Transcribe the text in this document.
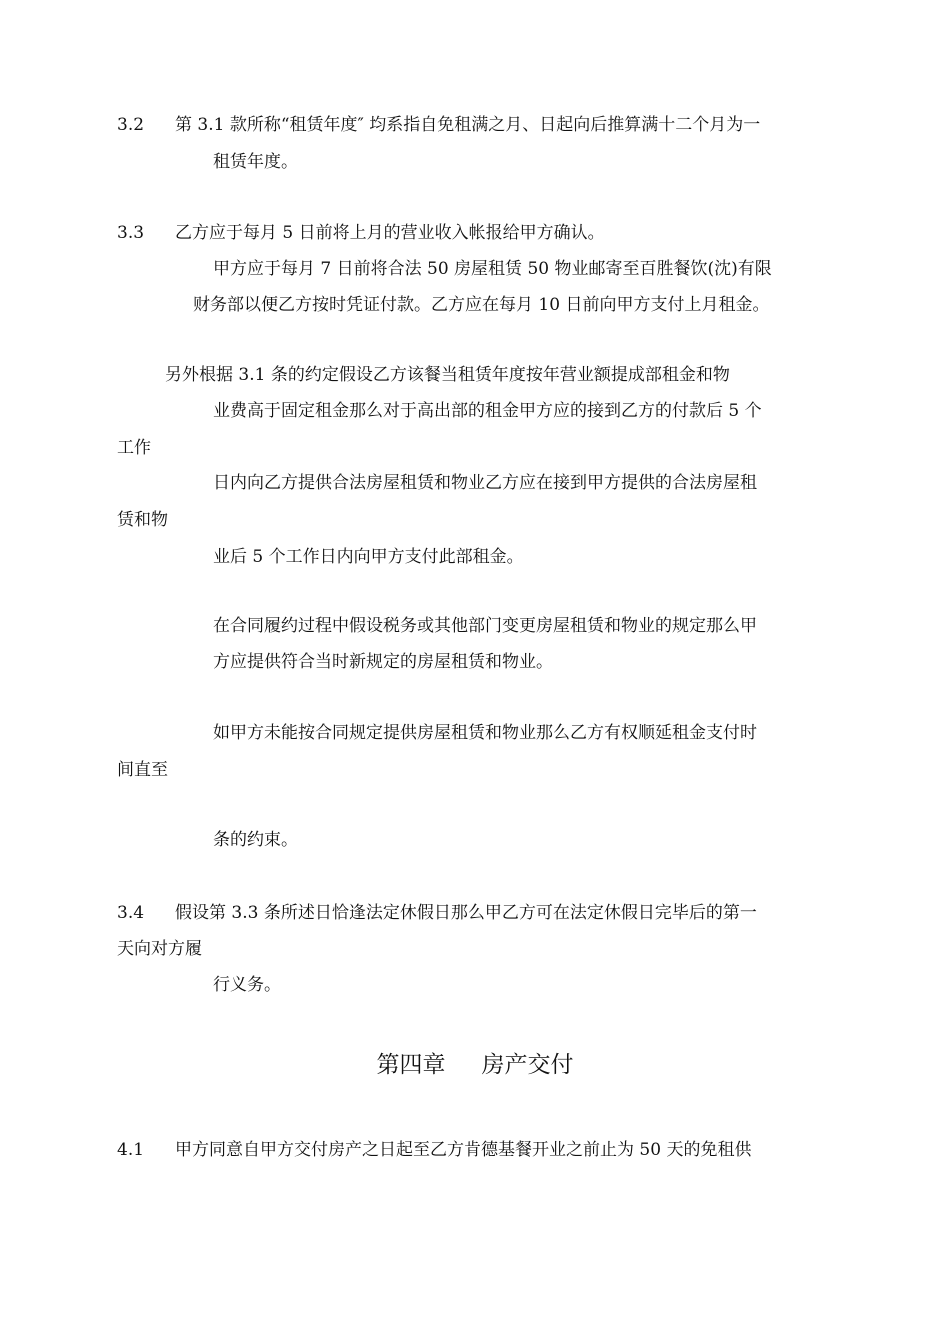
3.2 第 3.1 款所称“租赁年度″ 均系指自免租满之月、日起向后推算满十二个月为一
租赁年度。
3.3 乙方应于每月 5 日前将上月的营业收入帐报给甲方确认。
甲方应于每月 7 日前将合法 50 房屋租赁 50 物业邮寄至百胜餐饮(沈)有限
财务部以便乙方按时凭证付款。乙方应在每月 10 日前向甲方支付上月租金。
另外根据 3.1 条的约定假设乙方该餐当租赁年度按年营业额提成部租金和物
业费高于固定租金那么对于高出部的租金甲方应的接到乙方的付款后 5 个
工作
日内向乙方提供合法房屋租赁和物业乙方应在接到甲方提供的合法房屋租
赁和物
业后 5 个工作日内向甲方支付此部租金。
在合同履约过程中假设税务或其他部门变更房屋租赁和物业的规定那么甲
方应提供符合当时新规定的房屋租赁和物业。
如甲方未能按合同规定提供房屋租赁和物业那么乙方有权顺延租金支付时
间直至
条的约束。
3.4 假设第 3.3 条所述日恰逢法定休假日那么甲乙方可在法定休假日完毕后的第一
天向对方履
行义务。
第四章 房产交付
4.1 甲方同意自甲方交付房产之日起至乙方肯德基餐开业之前止为 50 天的免租供
